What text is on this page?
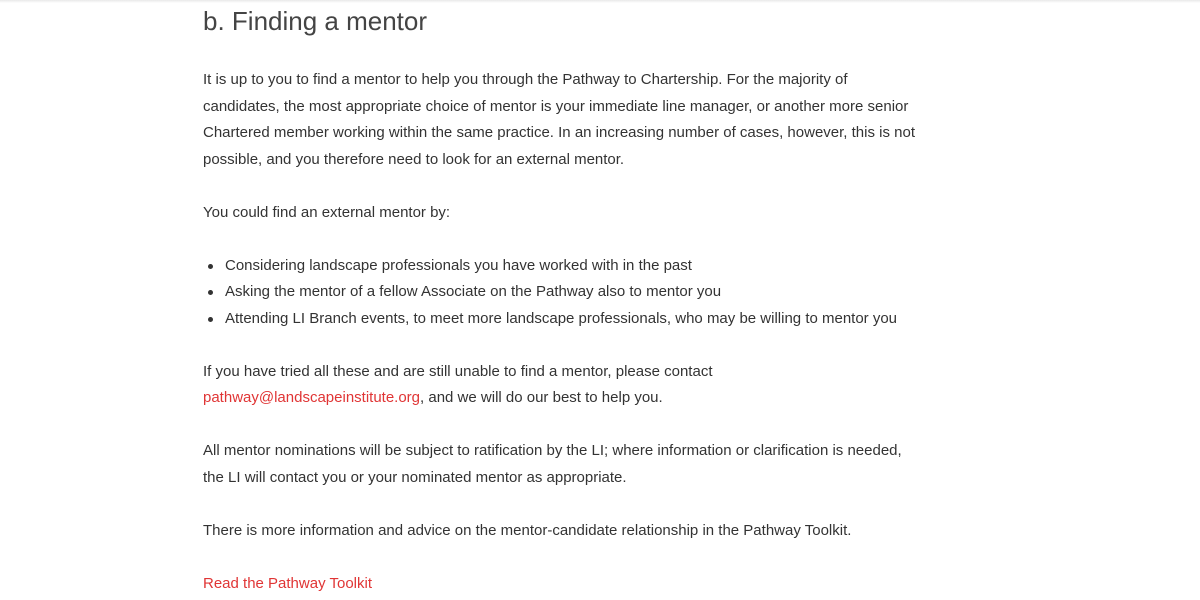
b. Finding a mentor

It is up to you to find a mentor to help you through the Pathway to Chartership. For the majority of candidates, the most appropriate choice of mentor is your immediate line manager, or another more senior Chartered member working within the same practice. In an increasing number of cases, however, this is not possible, and you therefore need to look for an external mentor.

You could find an external mentor by:

Considering landscape professionals you have worked with in the past
Asking the mentor of a fellow Associate on the Pathway also to mentor you
Attending LI Branch events, to meet more landscape professionals, who may be willing to mentor you

If you have tried all these and are still unable to find a mentor, please contact pathway@landscapeinstitute.org, and we will do our best to help you.

All mentor nominations will be subject to ratification by the LI; where information or clarification is needed, the LI will contact you or your nominated mentor as appropriate.

There is more information and advice on the mentor-candidate relationship in the Pathway Toolkit.

Read the Pathway Toolkit
